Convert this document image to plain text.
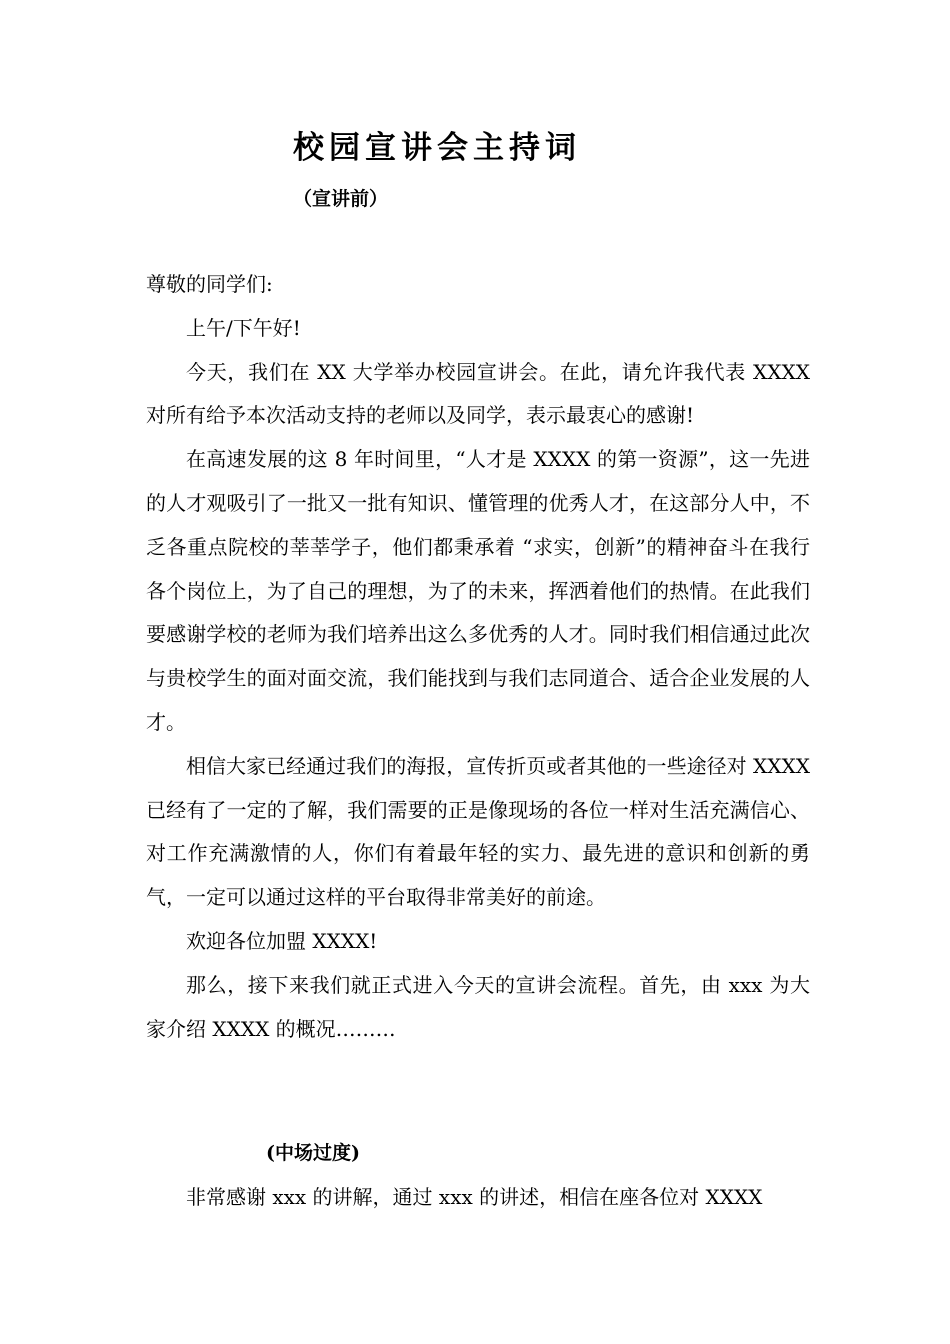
校园宣讲会主持词
（宣讲前）

尊敬的同学们:

上午/下午好!

今天，我们在 XX 大学举办校园宣讲会。在此，请允许我代表 XXXX 对所有给予本次活动支持的老师以及同学，表示最衷心的感谢!

在高速发展的这 8 年时间里，“人才是 XXXX 的第一资源”，这一先进的人才观吸引了一批又一批有知识、懂管理的优秀人才，在这部分人中，不乏各重点院校的莘莘学子，他们都秉承着 “求实，创新”的精神奋斗在我行各个岗位上，为了自己的理想，为了的未来，挥洒着他们的热情。在此我们要感谢学校的老师为我们培养出这么多优秀的人才。同时我们相信通过此次与贵校学生的面对面交流，我们能找到与我们志同道合、适合企业发展的人才。

相信大家已经通过我们的海报，宣传折页或者其他的一些途径对 XXXX 已经有了一定的了解，我们需要的正是像现场的各位一样对生活充满信心、对工作充满激情的人，你们有着最年轻的实力、最先进的意识和创新的勇气，一定可以通过这样的平台取得非常美好的前途。

欢迎各位加盟 XXXX!

那么，接下来我们就正式进入今天的宣讲会流程。首先，由 xxx 为大家介绍 XXXX 的概况………

(中场过度)

非常感谢 xxx 的讲解，通过 xxx 的讲述，相信在座各位对 XXXX
